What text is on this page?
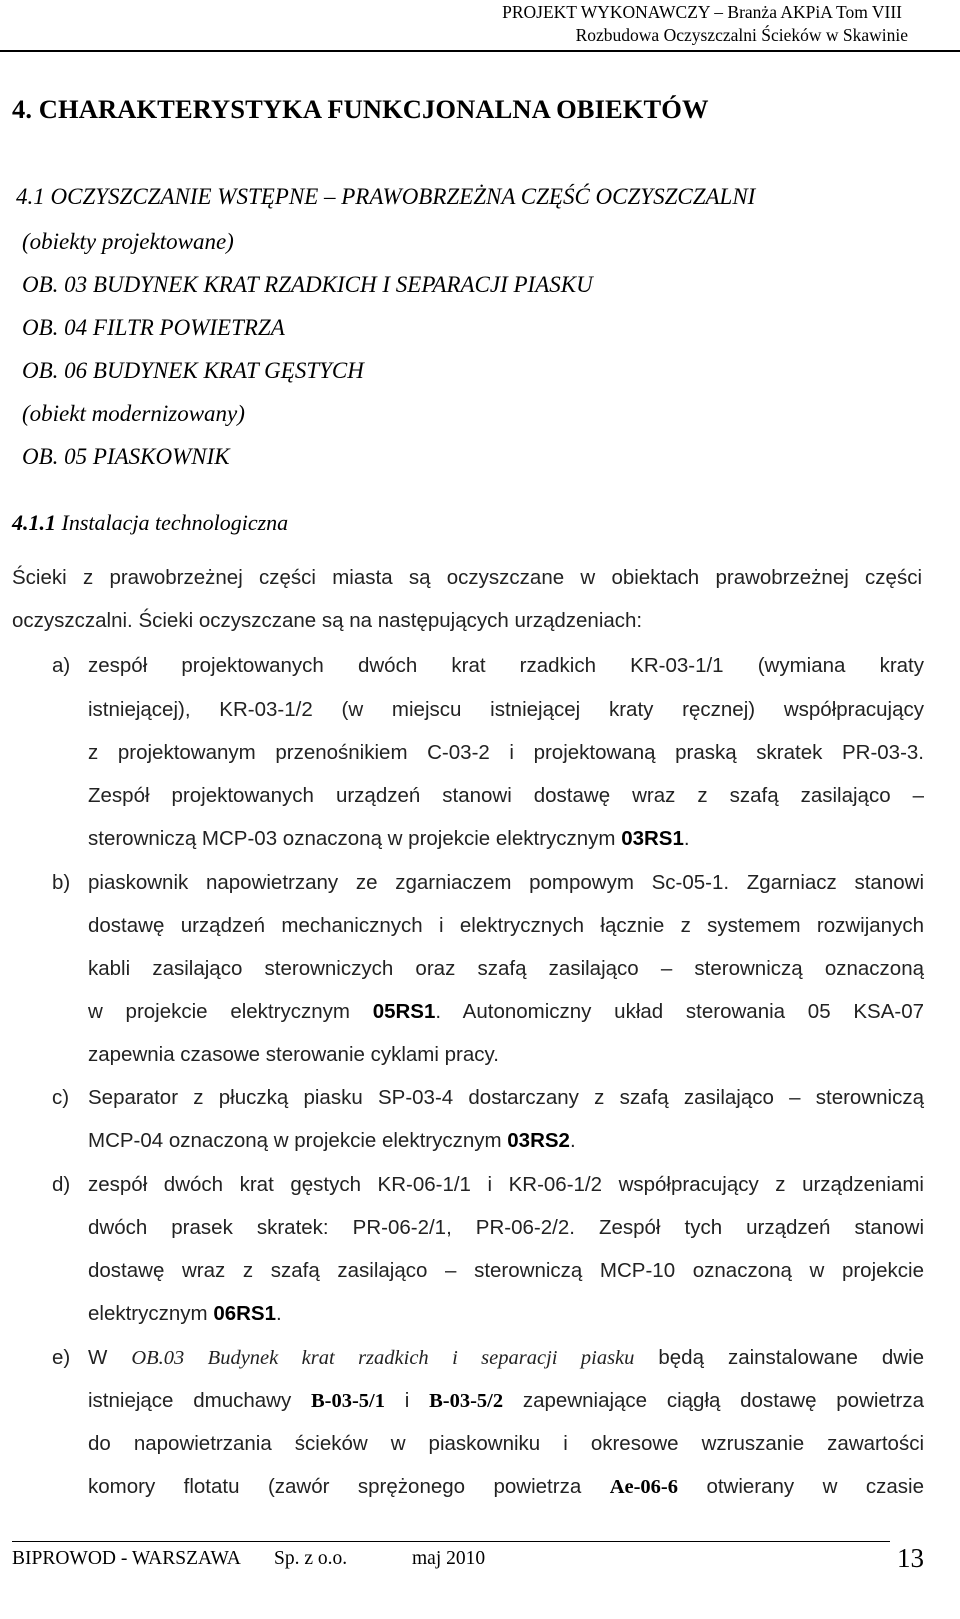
PROJEKT WYKONAWCZY – Branża AKPiA Tom VIII
Rozbudowa Oczyszczalni Ścieków w Skawinie
4. CHARAKTERYSTYKA FUNKCJONALNA OBIEKTÓW
4.1 OCZYSZCZANIE WSTĘPNE – PRAWOBRZEŻNA CZĘŚĆ OCZYSZCZALNI
(obiekty projektowane)
OB. 03 BUDYNEK KRAT RZADKICH I SEPARACJI PIASKU
OB. 04 FILTR POWIETRZA
OB. 06 BUDYNEK KRAT GĘSTYCH
(obiekt modernizowany)
OB. 05 PIASKOWNIK
4.1.1 Instalacja technologiczna
Ścieki z prawobrzeżnej części miasta są oczyszczane w obiektach prawobrzeżnej części
oczyszczalni. Ścieki oczyszczane są na następujących urządzeniach:
a) zespół projektowanych dwóch krat rzadkich KR-03-1/1 (wymiana kraty
istniejącej), KR-03-1/2 (w miejscu istniejącej kraty ręcznej) współpracujący
z projektowanym przenośnikiem C-03-2 i projektowaną praską skratek PR-03-3.
Zespół projektowanych urządzeń stanowi dostawę wraz z szafą zasilająco –
sterowniczą MCP-03 oznaczoną w projekcie elektrycznym 03RS1.
b) piaskownik napowietrzany ze zgarniaczem pompowym Sc-05-1. Zgarniacz stanowi
dostawę urządzeń mechanicznych i elektrycznych łącznie z systemem rozwijanych
kabli zasilająco sterowniczych oraz szafą zasilająco – sterowniczą oznaczoną
w projekcie elektrycznym 05RS1. Autonomiczny układ sterowania 05 KSA-07
zapewnia czasowe sterowanie cyklami pracy.
c) Separator z płuczką piasku SP-03-4 dostarczany z szafą zasilająco – sterowniczą
MCP-04 oznaczoną w projekcie elektrycznym 03RS2.
d) zespół dwóch krat gęstych KR-06-1/1 i KR-06-1/2 współpracujący z urządzeniami
dwóch prasek skratek: PR-06-2/1, PR-06-2/2. Zespół tych urządzeń stanowi
dostawę wraz z szafą zasilająco – sterowniczą MCP-10 oznaczoną w projekcie
elektrycznym 06RS1.
e) W OB.03 Budynek krat rzadkich i separacji piasku będą zainstalowane dwie
istniejące dmuchawy B-03-5/1 i B-03-5/2 zapewniające ciągłą dostawę powietrza
do napowietrzania ścieków w piaskowniku i okresowe wzruszanie zawartości
komory flotatu (zawór sprężonego powietrza Ae-06-6 otwierany w czasie
BIPROWOD - WARSZAWA Sp. z o.o.	maj 2010	13
